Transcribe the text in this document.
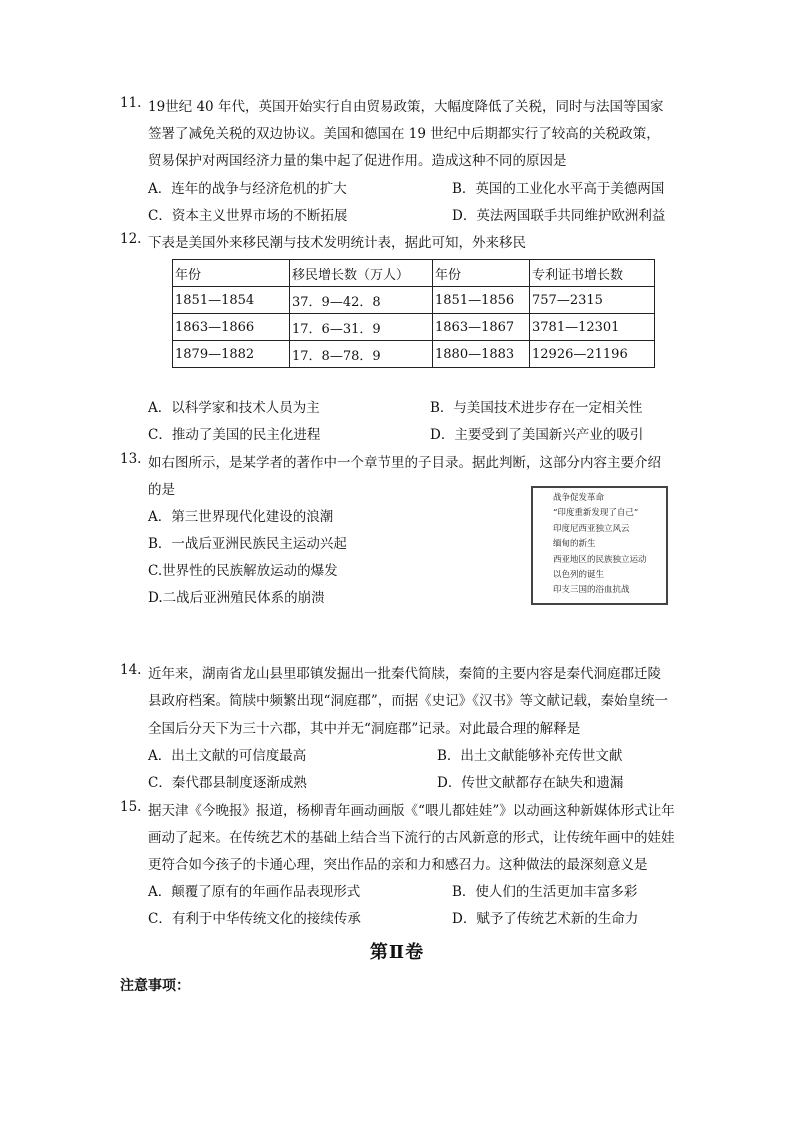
11. 19世纪 40 年代，英国开始实行自由贸易政策，大幅度降低了关税，同时与法国等国家
签署了减免关税的双边协议。美国和德国在 19 世纪中后期都实行了较高的关税政策，
贸易保护对两国经济力量的集中起了促进作用。造成这种不同的原因是
A．连年的战争与经济危机的扩大	B．英国的工业化水平高于美德两国
C．资本主义世界市场的不断拓展	D．英法两国联手共同维护欧洲利益
12. 下表是美国外来移民潮与技术发明统计表，据此可知，外来移民
年份	移民增长数（万人）	年份	专利证书增长数
1851—1854	37．9—42．8	1851—1856	757—2315
1863—1866	17．6—31．9	1863—1867	3781—12301
1879—1882	17．8—78．9	1880—1883	12926—21196
A．以科学家和技术人员为主	B．与美国技术进步存在一定相关性
C．推动了美国的民主化进程	D．主要受到了美国新兴产业的吸引
13. 如右图所示，是某学者的著作中一个章节里的子目录。据此判断，这部分内容主要介绍
的是
A．第三世界现代化建设的浪潮
B．一战后亚洲民族民主运动兴起
C.世界性的民族解放运动的爆发
D.二战后亚洲殖民体系的崩溃
战争促发革命
“印度重新发现了自己”
印度尼西亚独立风云
缅甸的新生
西亚地区的民族独立运动
以色列的诞生
印支三国的浴血抗战
14. 近年来，湖南省龙山县里耶镇发掘出一批秦代简牍，秦简的主要内容是秦代洞庭郡迁陵
县政府档案。简牍中频繁出现“洞庭郡”，而据《史记》《汉书》等文献记载，秦始皇统一
全国后分天下为三十六郡，其中并无“洞庭郡”记录。对此最合理的解释是
A．出土文献的可信度最高	B．出土文献能够补充传世文献
C．秦代郡县制度逐渐成熟	D．传世文献都存在缺失和遗漏
15. 据天津《今晚报》报道，杨柳青年画动画版《“喂儿都娃娃”》以动画这种新媒体形式让年
画动了起来。在传统艺术的基础上结合当下流行的古风新意的形式，让传统年画中的娃娃
更符合如今孩子的卡通心理，突出作品的亲和力和感召力。这种做法的最深刻意义是
A．颠覆了原有的年画作品表现形式	B．使人们的生活更加丰富多彩
C．有利于中华传统文化的接续传承	D．赋予了传统艺术新的生命力
第Ⅱ卷
注意事项：
